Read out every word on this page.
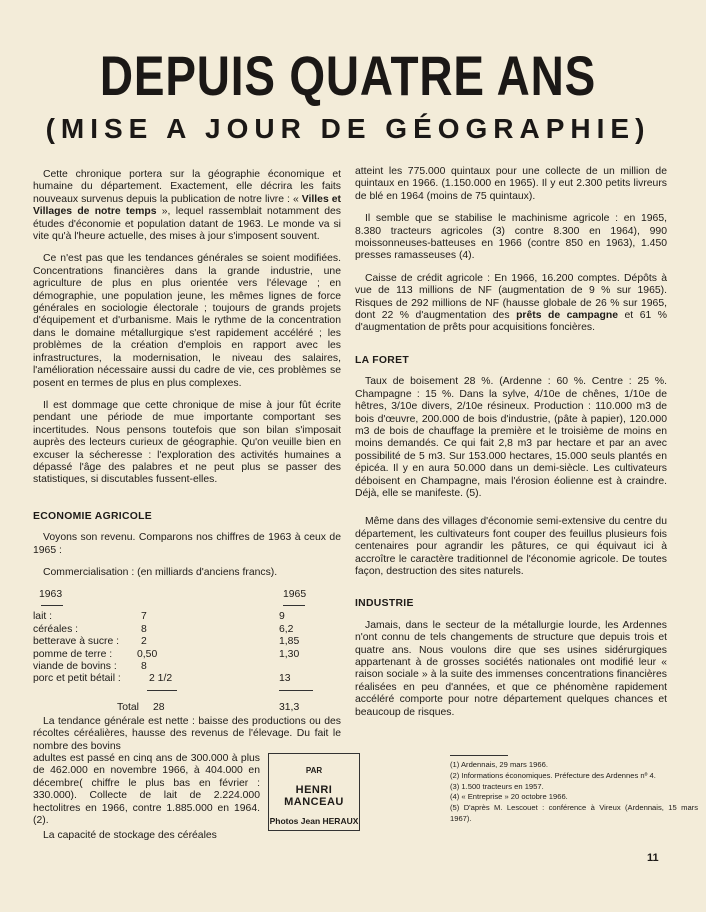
DEPUIS QUATRE ANS
(MISE A JOUR DE GÉOGRAPHIE)

Cette chronique portera sur la géographie économique et humaine du département. Exactement, elle décrira les faits nouveaux survenus depuis la publication de notre livre : « Villes et Villages de notre temps », lequel rassemblait notamment des études d'économie et population datant de 1963. Le monde va si vite qu'à l'heure actuelle, des mises à jour s'imposent souvent.

Ce n'est pas que les tendances générales se soient modifiées. Concentrations financières dans la grande industrie, une agriculture de plus en plus orientée vers l'élevage ; en démographie, une population jeune, les mêmes lignes de force générales en sociologie électorale ; toujours de grands projets d'équipement et d'urbanisme. Mais le rythme de la concentration dans le domaine métallurgique s'est rapidement accéléré ; les problèmes de la création d'emplois en rapport avec les infrastructures, la modernisation, le niveau des salaires, l'amélioration nécessaire aussi du cadre de vie, ces problèmes se posent en termes de plus en plus complexes.

Il est dommage que cette chronique de mise à jour fût écrite pendant une période de mue importante comportant ses incertitudes. Nous pensons toutefois que son bilan s'imposait auprès des lecteurs curieux de géographie. Qu'on veuille bien en excuser la sécheresse : l'exploration des activités humaines a dépassé l'âge des palabres et ne peut plus se passer des statistiques, si discutables fussent-elles.

ECONOMIE AGRICOLE

Voyons son revenu. Comparons nos chiffres de 1963 à ceux de 1965 :

Commercialisation : (en milliards d'anciens francs).

1963	1965
lait :	7	9
céréales :	8	6,2
betterave à sucre : 2	1,85
pomme de terre : 0,50	1,30
viande de bovins : 8
porc et petit bétail :	2 1/2	13
Total 28	31,3

La tendance générale est nette : baisse des productions ou des récoltes céréalières, hausse des revenus de l'élevage. Du fait le nombre des bovins

adultes est passé en cinq ans de 300.000 à plus de 462.000 en novembre 1966, à 404.000 en décembre( chiffre le plus bas en février : 330.000). Collecte de lait de 2.224.000 hectolitres en 1966, contre 1.885.000 en 1964. (2).

La capacité de stockage des céréales
PAR
HENRI MANCEAU
Photos Jean HERAUX

atteint les 775.000 quintaux pour une collecte de un million de quintaux en 1966. (1.150.000 en 1965). Il y eut 2.300 petits livreurs de blé en 1964 (moins de 75 quintaux).

Il semble que se stabilise le machinisme agricole : en 1965, 8.380 tracteurs agricoles (3) contre 8.300 en 1964), 990 moissonneuses-batteuses en 1966 (contre 850 en 1963), 1.450 presses ramasseuses (4).

Caisse de crédit agricole : En 1966, 16.200 comptes. Dépôts à vue de 113 millions de NF (augmentation de 9 % sur 1965). Risques de 292 millions de NF (hausse globale de 26 % sur 1965, dont 22 % d'augmentation des prêts de campagne et 61 % d'augmentation de prêts pour acquisitions foncières.

LA FORET

Taux de boisement 28 %. (Ardenne : 60 %. Centre : 25 %. Champagne : 15 %. Dans la sylve, 4/10e de chênes, 1/10e de hêtres, 3/10e divers, 2/10e résineux. Production : 110.000 m3 de bois d'œuvre, 200.000 de bois d'industrie, (pâte à papier), 120.000 m3 de bois de chauffage la première et le troisième de moins en moins demandés. Ce qui fait 2,8 m3 par hectare et par an avec possibilité de 5 m3. Sur 153.000 hectares, 15.000 seuls plantés en épicéa. Il y en aura 50.000 dans un demi-siècle. Les cultivateurs déboisent en Champagne, mais l'érosion éolienne est à craindre. Déjà, elle se manifeste. (5).

Même dans des villages d'économie semi-extensive du centre du département, les cultivateurs font couper des feuillus plusieurs fois centenaires pour agrandir les pâtures, ce qui équivaut ici à accroître le caractère traditionnel de l'économie agricole. De toutes façon, destruction des sites naturels.

INDUSTRIE

Jamais, dans le secteur de la métallurgie lourde, les Ardennes n'ont connu de tels changements de structure que depuis trois et quatre ans. Nous voulons dire que ses usines sidérurgiques appartenant à de grosses sociétés nationales ont modifié leur « raison sociale » à la suite des immenses concentrations financières réalisées en peu d'années, et que ce phénomène rapidement accéléré comporte pour notre département quelques chances et beaucoup de risques.

(1) Ardennais, 29 mars 1966.
(2) Informations économiques. Préfecture des Ardennes nº 4.
(3) 1.500 tracteurs en 1957.
(4) « Entreprise » 20 octobre 1966.
(5) D'après M. Lescouet : conférence à Vireux (Ardennais, 15 mars 1967).
11
